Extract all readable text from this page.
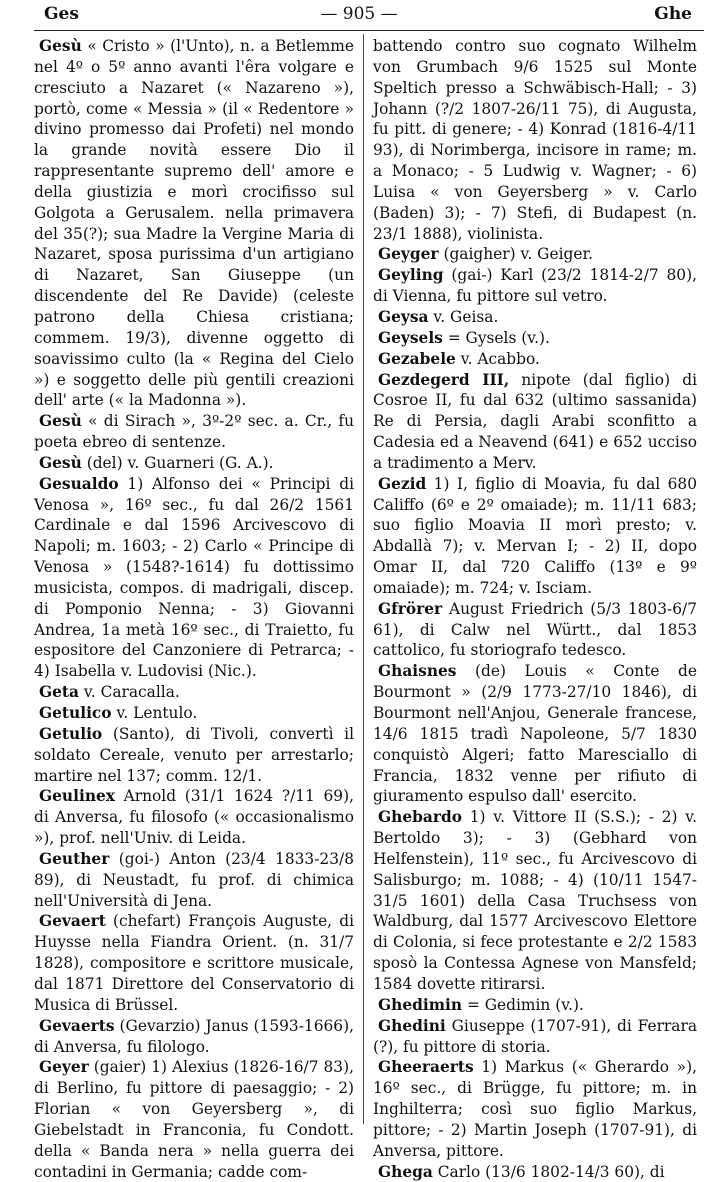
Ges	— 905 —	Ghe

Gesù « Cristo » (l'Unto), n. a Betlemme nel 4º o 5º anno avanti l'êra volgare e cresciuto a Nazaret (« Nazareno »), portò, come « Messia » (il « Redentore » divino promesso dai Profeti) nel mondo la grande novità essere Dio il rappresentante supremo dell' amore e della giustizia e morì crocifisso sul Golgota a Gerusalem. nella primavera del 35(?); sua Madre la Vergine Maria di Nazaret, sposa purissima d'un artigiano di Nazaret, San Giuseppe (un discendente del Re Davide) (celeste patrono della Chiesa cristiana; commem. 19/3), divenne oggetto di soavissimo culto (la « Regina del Cielo ») e soggetto delle più gentili creazioni dell' arte (« la Madonna »).

Gesù « di Sirach », 3º-2º sec. a. Cr., fu poeta ebreo di sentenze.

Gesù (del) v. Guarneri (G. A.).

Gesualdo 1) Alfonso dei « Principi di Venosa », 16º sec., fu dal 26/2 1561 Cardinale e dal 1596 Arcivescovo di Napoli; m. 1603; - 2) Carlo « Principe di Venosa » (1548?-1614) fu dottissimo musicista, compos. di madrigali, discep. di Pomponio Nenna; - 3) Giovanni Andrea, 1a metà 16º sec., di Traietto, fu espositore del Canzoniere di Petrarca; - 4) Isabella v. Ludovisi (Nic.).

Geta v. Caracalla.

Getulico v. Lentulo.

Getulio (Santo), di Tivoli, convertì il soldato Cereale, venuto per arrestarlo; martire nel 137; comm. 12/1.

Geulinex Arnold (31/1 1624 ?/11 69), di Anversa, fu filosofo (« occasionalismo »), prof. nell'Univ. di Leida.

Geuther (goi-) Anton (23/4 1833-23/8 89), di Neustadt, fu prof. di chimica nell'Università di Jena.

Gevaert (chefart) François Auguste, di Huysse nella Fiandra Orient. (n. 31/7 1828), compositore e scrittore musicale, dal 1871 Direttore del Conservatorio di Musica di Brüssel.

Gevaerts (Gevarzio) Janus (1593-1666), di Anversa, fu filologo.

Geyer (gaier) 1) Alexius (1826-16/7 83), di Berlino, fu pittore di paesaggio; - 2) Florian « von Geyersberg », di Giebelstadt in Franconia, fu Condott. della « Banda nera » nella guerra dei contadini in Germania; cadde com-

battendo contro suo cognato Wilhelm von Grumbach 9/6 1525 sul Monte Speltich presso a Schwäbisch-Hall; - 3) Johann (?/2 1807-26/11 75), di Augusta, fu pitt. di genere; - 4) Konrad (1816-4/11 93), di Norimberga, incisore in rame; m. a Monaco; - 5 Ludwig v. Wagner; - 6) Luisa « von Geyersberg » v. Carlo (Baden) 3); - 7) Stefi, di Budapest (n. 23/1 1888), violinista.

Geyger (gaigher) v. Geiger.

Geyling (gai-) Karl (23/2 1814-2/7 80), di Vienna, fu pittore sul vetro.

Geysa v. Geisa.

Geysels = Gysels (v.).

Gezabele v. Acabbo.

Gezdegerd III, nipote (dal figlio) di Cosroe II, fu dal 632 (ultimo sassanida) Re di Persia, dagli Arabi sconfitto a Cadesia ed a Neavend (641) e 652 ucciso a tradimento a Merv.

Gezid 1) I, figlio di Moavia, fu dal 680 Califfo (6º e 2º omaiade); m. 11/11 683; suo figlio Moavia II morì presto; v. Abdallà 7); v. Mervan I; - 2) II, dopo Omar II, dal 720 Califfo (13º e 9º omaiade); m. 724; v. Isciam.

Gfrörer August Friedrich (5/3 1803-6/7 61), di Calw nel Württ., dal 1853 cattolico, fu storiografo tedesco.

Ghaisnes (de) Louis « Conte de Bourmont » (2/9 1773-27/10 1846), di Bourmont nell'Anjou, Generale francese, 14/6 1815 tradì Napoleone, 5/7 1830 conquistò Algeri; fatto Maresciallo di Francia, 1832 venne per rifiuto di giuramento espulso dall' esercito.

Ghebardo 1) v. Vittore II (S.S.); - 2) v. Bertoldo 3); - 3) (Gebhard von Helfenstein), 11º sec., fu Arcivescovo di Salisburgo; m. 1088; - 4) (10/11 1547-31/5 1601) della Casa Truchsess von Waldburg, dal 1577 Arcivescovo Elettore di Colonia, si fece protestante e 2/2 1583 sposò la Contessa Agnese von Mansfeld; 1584 dovette ritirarsi.

Ghedimin = Gedimin (v.).

Ghedini Giuseppe (1707-91), di Ferrara (?), fu pittore di storia.

Gheeraerts 1) Markus (« Gherardo »), 16º sec., di Brügge, fu pittore; m. in Inghilterra; così suo figlio Markus, pittore; - 2) Martin Joseph (1707-91), di Anversa, pittore.

Ghega Carlo (13/6 1802-14/3 60), di
